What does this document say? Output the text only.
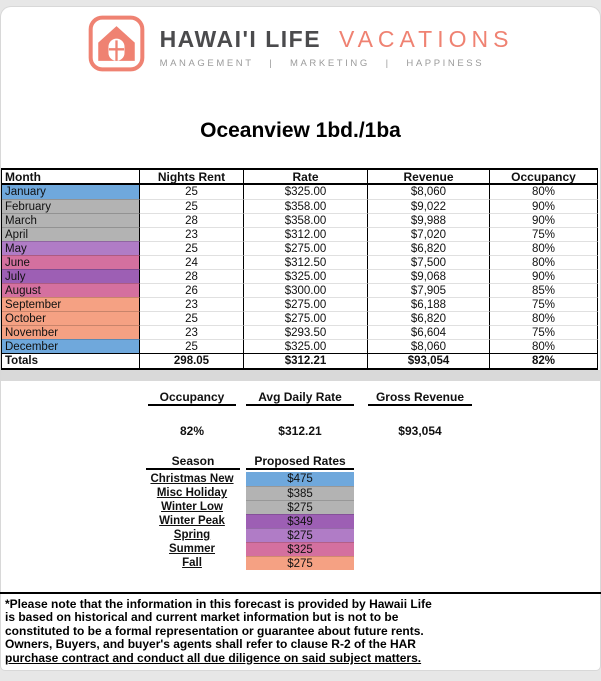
HAWAI'I LIFE VACATIONS
MANAGEMENT   |   MARKETING   |   HAPPINESS
Oceanview 1bd./1ba
Month	Nights Rent	Rate	Revenue	Occupancy
January	25	$325.00	$8,060	80%
February	25	$358.00	$9,022	90%
March	28	$358.00	$9,988	90%
April	23	$312.00	$7,020	75%
May	25	$275.00	$6,820	80%
June	24	$312.50	$7,500	80%
July	28	$325.00	$9,068	90%
August	26	$300.00	$7,905	85%
September	23	$275.00	$6,188	75%
October	25	$275.00	$6,820	80%
November	23	$293.50	$6,604	75%
December	25	$325.00	$8,060	80%
Totals	298.05	$312.21	$93,054	82%
Occupancy	Avg Daily Rate	Gross Revenue
82%	$312.21	$93,054
Season	Proposed Rates
Christmas New	$475
Misc Holiday	$385
Winter Low	$275
Winter Peak	$349
Spring	$275
Summer	$325
Fall	$275
*Please note that the information in this forecast is provided by Hawaii Life
is based on historical and current market information but is not to be
constituted to be a formal representation or guarantee about future rents.
Owners, Buyers, and buyer's agents shall refer to clause R-2 of the HAR
purchase contract and conduct all due diligence on said subject matters.
